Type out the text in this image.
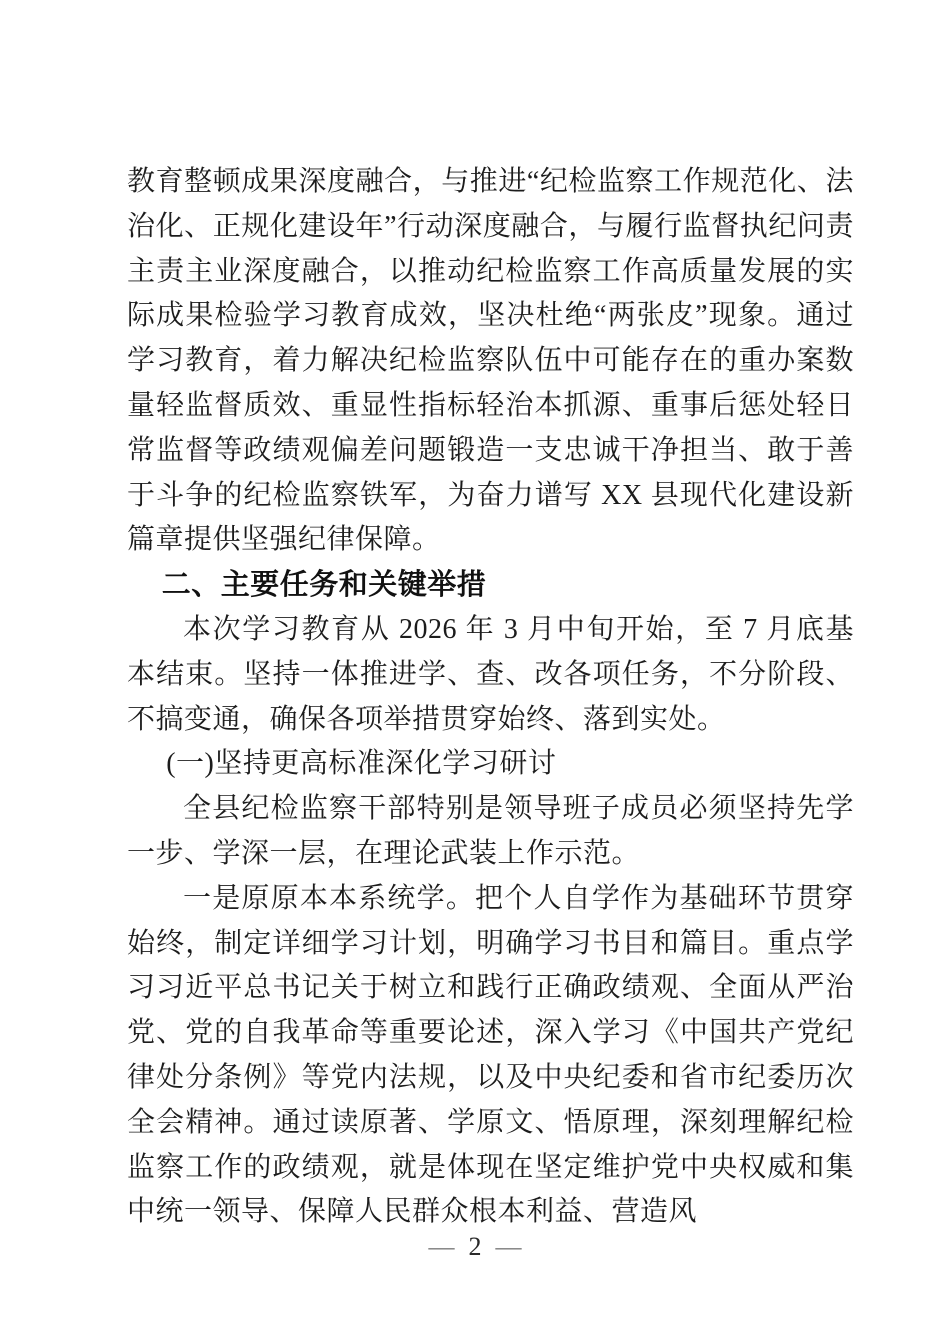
教育整顿成果深度融合，与推进“纪检监察工作规范化、法治化、正规化建设年”行动深度融合，与履行监督执纪问责主责主业深度融合，以推动纪检监察工作高质量发展的实际成果检验学习教育成效，坚决杜绝“两张皮”现象。通过学习教育，着力解决纪检监察队伍中可能存在的重办案数量轻监督质效、重显性指标轻治本抓源、重事后惩处轻日常监督等政绩观偏差问题锻造一支忠诚干净担当、敢于善于斗争的纪检监察铁军，为奋力谱写 XX 县现代化建设新篇章提供坚强纪律保障。

二、主要任务和关键举措

本次学习教育从 2026 年 3 月中旬开始，至 7 月底基本结束。坚持一体推进学、查、改各项任务，不分阶段、不搞变通，确保各项举措贯穿始终、落到实处。

(一)坚持更高标准深化学习研讨

全县纪检监察干部特别是领导班子成员必须坚持先学一步、学深一层，在理论武装上作示范。

一是原原本本系统学。把个人自学作为基础环节贯穿始终，制定详细学习计划，明确学习书目和篇目。重点学习习近平总书记关于树立和践行正确政绩观、全面从严治党、党的自我革命等重要论述，深入学习《中国共产党纪律处分条例》等党内法规，以及中央纪委和省市纪委历次全会精神。通过读原著、学原文、悟原理，深刻理解纪检监察工作的政绩观，就是体现在坚定维护党中央权威和集中统一领导、保障人民群众根本利益、营造风

— 2 —
